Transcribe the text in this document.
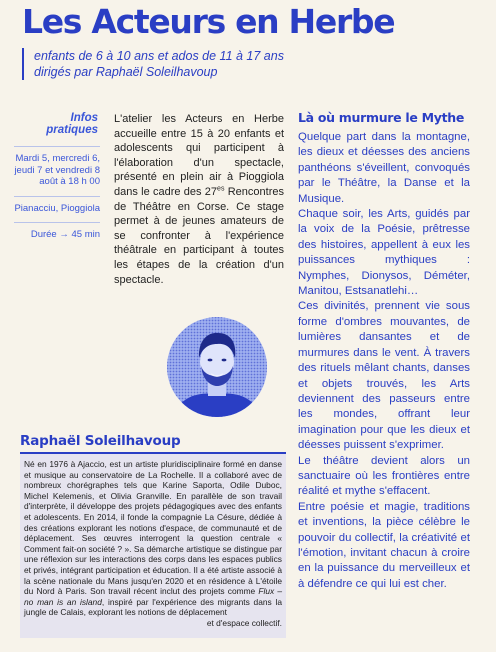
Les Acteurs en Herbe
enfants de 6 à 10 ans et ados de 11 à 17 ans
dirigés par Raphaël Soleilhavoup
Infos
pratiques
Mardi 5, mercredi 6,
jeudi 7 et vendredi 8
août à 18 h 00
Pianacciu, Pioggiola
Durée → 45 min
L'atelier les Acteurs en Herbe accueille entre 15 à 20 enfants et adolescents qui participent à l'élaboration d'un spectacle, présenté en plein air à Pioggiola dans le cadre des $27^{es}$ Rencontres de Théâtre en Corse. Ce stage permet à de jeunes amateurs de se confronter à l'expérience théâtrale en participant à toutes les étapes de la création d'un spectacle.
Raphaël Soleilhavoup
Né en 1976 à Ajaccio, est un artiste pluridisciplinaire formé en danse et musique au conservatoire de La Rochelle. Il a collaboré avec de nombreux chorégraphes tels que Karine Saporta, Odile Duboc, Michel Kelemenis, et Olivia Granville. En parallèle de son travail d'interprète, il développe des projets pédagogiques avec des enfants et adolescents. En 2014, il fonde la compagnie La Césure, dédiée à des créations explorant les notions d'espace, de communauté et de déplacement. Ses œuvres interrogent la question centrale « Comment fait-on société ? ». Sa démarche artistique se distingue par une réflexion sur les interactions des corps dans les espaces publics et privés, intégrant participation et éducation. Il a été artiste associé à la scène nationale du Mans jusqu'en 2020 et en résidence à L'étoile du Nord à Paris. Son travail récent inclut des projets comme Flux – no man is an island, inspiré par l'expérience des migrants dans la jungle de Calais, explorant les notions de déplacement
et d'espace collectif.
Là où murmure le Mythe

Quelque part dans la montagne, les dieux et déesses des anciens panthéons s'éveillent, convoqués par le Théâtre, la Danse et la Musique.

Chaque soir, les Arts, guidés par la voix de la Poésie, prêtresse des histoires, appellent à eux les puissances mythiques : Nymphes, Dionysos, Déméter, Manitou, Estsanatlehi…

Ces divinités, prennent vie sous forme d'ombres mouvantes, de lumières dansantes et de murmures dans le vent. À travers des rituels mêlant chants, danses et objets trouvés, les Arts deviennent des passeurs entre les mondes, offrant leur imagination pour que les dieux et déesses puissent s'exprimer.

Le théâtre devient alors un sanctuaire où les frontières entre réalité et mythe s'effacent.

Entre poésie et magie, traditions et inventions, la pièce célèbre le pouvoir du collectif, la créativité et l'émotion, invitant chacun à croire en la puissance du merveilleux et à défendre ce qui lui est cher.
